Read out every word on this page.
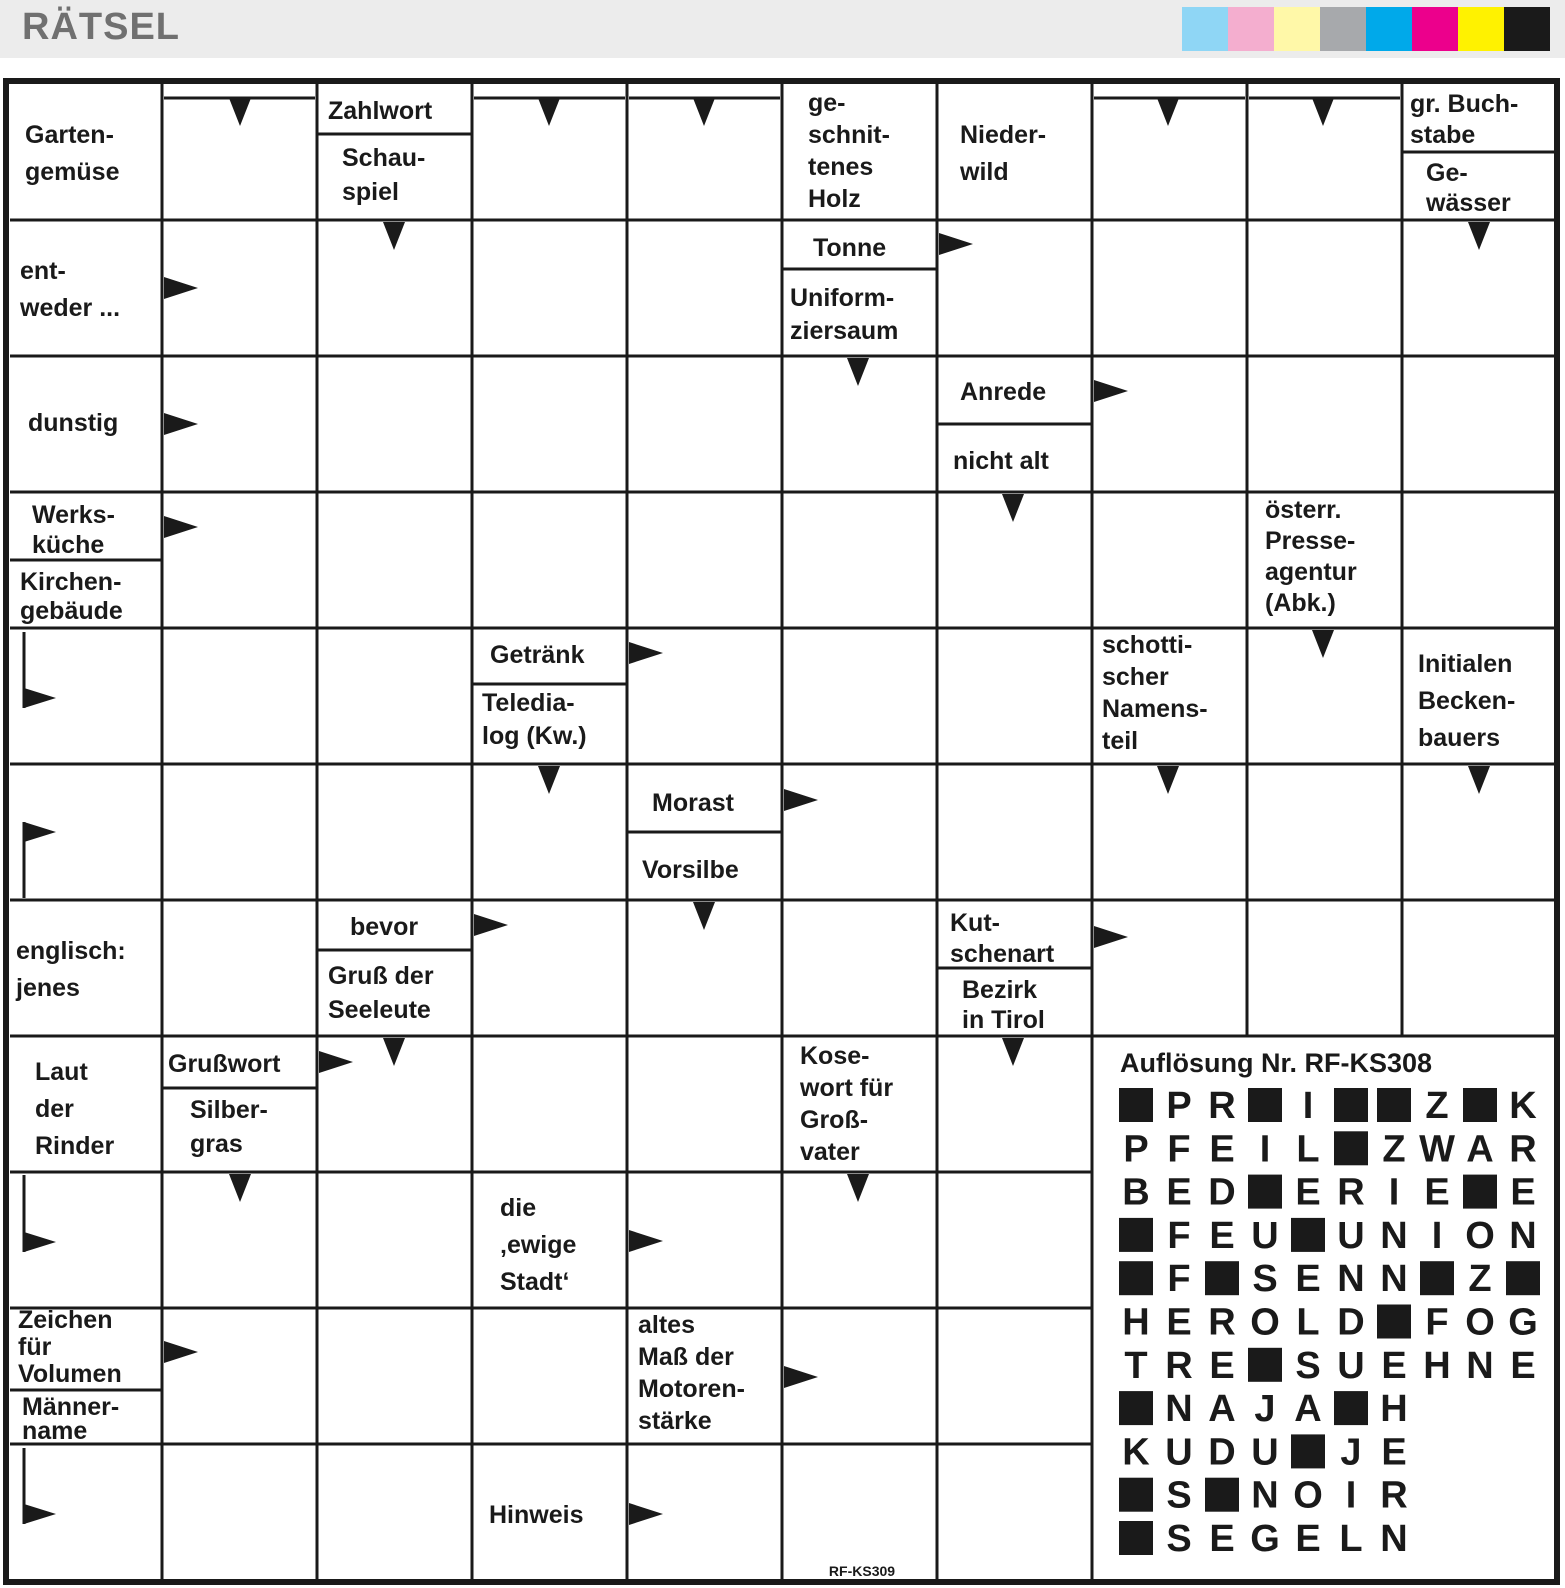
RÄTSEL
Garten-gemüse
Zahlwort
Schau-spiel
ge-schnit-tenes Holz
Nieder-wild
gr. Buch-stabe
Ge-wässer
ent-weder ...
Tonne
Uniform-ziersaum
dunstig
Anrede
nicht alt
Werks-küche
Kirchen-gebäude
österr. Presse-agentur (Abk.)
Getränk
Teledia-log (Kw.)
schotti-scher Namens-teil
Initialen Becken-bauers
Morast
Vorsilbe
englisch: jenes
bevor
Gruß der Seeleute
Kut-schenart
Bezirk in Tirol
Laut der Rinder
Grußwort
Silber-gras
Kose-wort für Groß-vater
die ‚ewige Stadt‘
Zeichen für Volumen
Männer-name
altes Maß der Motoren-stärke
Hinweis
Auflösung Nr. RF-KS308
P R I	Z K
P F E I L Z W A R
B E D E R I E E
F E U U N I O N
F S E N N Z
H E R O L D F O G
T R E S U E H N E
N A J A H
K U D U J E
S N O I R
S E G E L N
RF-KS309
